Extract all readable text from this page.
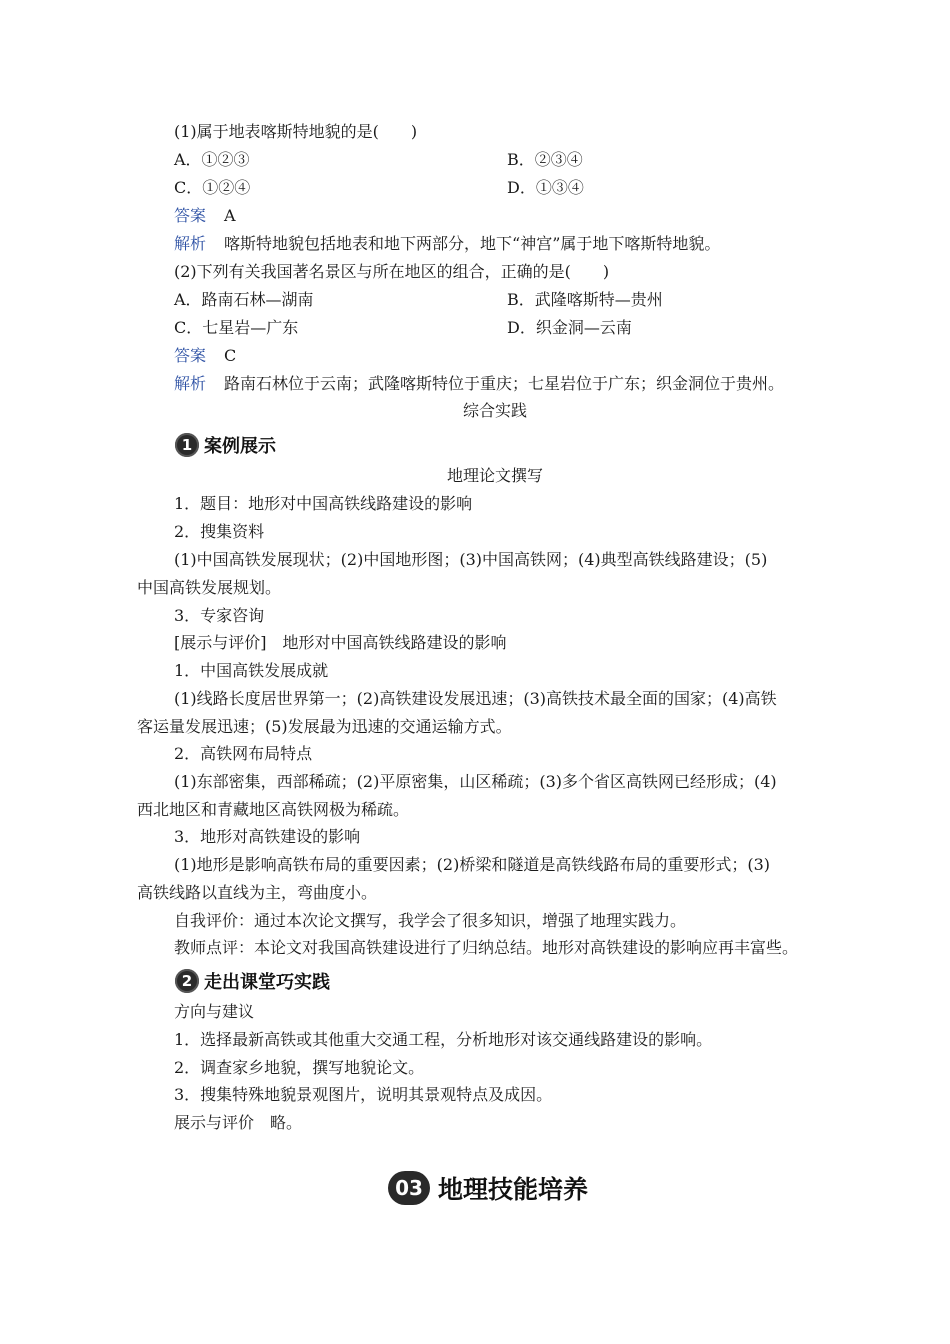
(1)属于地表喀斯特地貌的是(　　)
A．①②③	B．②③④
C．①②④	D．①③④
答案 A
解析 喀斯特地貌包括地表和地下两部分，地下“神宫”属于地下喀斯特地貌。
(2)下列有关我国著名景区与所在地区的组合，正确的是(　　)
A．路南石林—湖南	B．武隆喀斯特—贵州
C．七星岩—广东	D．织金洞—云南
答案 C
解析 路南石林位于云南；武隆喀斯特位于重庆；七星岩位于广东；织金洞位于贵州。
综合实践
1 案例展示
地理论文撰写
1．题目：地形对中国高铁线路建设的影响
2．搜集资料
(1)中国高铁发展现状；(2)中国地形图；(3)中国高铁网；(4)典型高铁线路建设；(5)
中国高铁发展规划。
3．专家咨询
[展示与评价]　地形对中国高铁线路建设的影响
1．中国高铁发展成就
(1)线路长度居世界第一；(2)高铁建设发展迅速；(3)高铁技术最全面的国家；(4)高铁
客运量发展迅速；(5)发展最为迅速的交通运输方式。
2．高铁网布局特点
(1)东部密集，西部稀疏；(2)平原密集，山区稀疏；(3)多个省区高铁网已经形成；(4)
西北地区和青藏地区高铁网极为稀疏。
3．地形对高铁建设的影响
(1)地形是影响高铁布局的重要因素；(2)桥梁和隧道是高铁线路布局的重要形式；(3)
高铁线路以直线为主，弯曲度小。
自我评价：通过本次论文撰写，我学会了很多知识，增强了地理实践力。
教师点评：本论文对我国高铁建设进行了归纳总结。地形对高铁建设的影响应再丰富些。
2 走出课堂巧实践
方向与建议
1．选择最新高铁或其他重大交通工程，分析地形对该交通线路建设的影响。
2．调查家乡地貌，撰写地貌论文。
3．搜集特殊地貌景观图片，说明其景观特点及成因。
展示与评价　略。
03 地理技能培养
